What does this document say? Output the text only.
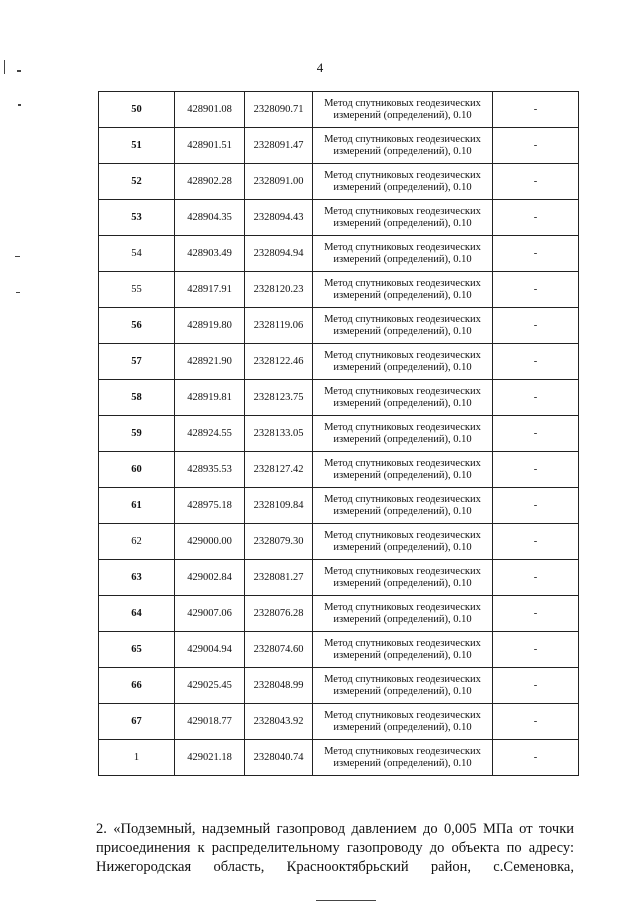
4
50	428901.08	2328090.71	Метод спутниковых геодезических
измерений (определений), 0.10	-
51	428901.51	2328091.47	Метод спутниковых геодезических
измерений (определений), 0.10	-
52	428902.28	2328091.00	Метод спутниковых геодезических
измерений (определений), 0.10	-
53	428904.35	2328094.43	Метод спутниковых геодезических
измерений (определений), 0.10	-
54	428903.49	2328094.94	Метод спутниковых геодезических
измерений (определений), 0.10	-
55	428917.91	2328120.23	Метод спутниковых геодезических
измерений (определений), 0.10	-
56	428919.80	2328119.06	Метод спутниковых геодезических
измерений (определений), 0.10	-
57	428921.90	2328122.46	Метод спутниковых геодезических
измерений (определений), 0.10	-
58	428919.81	2328123.75	Метод спутниковых геодезических
измерений (определений), 0.10	-
59	428924.55	2328133.05	Метод спутниковых геодезических
измерений (определений), 0.10	-
60	428935.53	2328127.42	Метод спутниковых геодезических
измерений (определений), 0.10	-
61	428975.18	2328109.84	Метод спутниковых геодезических
измерений (определений), 0.10	-
62	429000.00	2328079.30	Метод спутниковых геодезических
измерений (определений), 0.10	-
63	429002.84	2328081.27	Метод спутниковых геодезических
измерений (определений), 0.10	-
64	429007.06	2328076.28	Метод спутниковых геодезических
измерений (определений), 0.10	-
65	429004.94	2328074.60	Метод спутниковых геодезических
измерений (определений), 0.10	-
66	429025.45	2328048.99	Метод спутниковых геодезических
измерений (определений), 0.10	-
67	429018.77	2328043.92	Метод спутниковых геодезических
измерений (определений), 0.10	-
1	429021.18	2328040.74	Метод спутниковых геодезических
измерений (определений), 0.10	-
2. «Подземный, надземный газопровод давлением до 0,005 МПа от точки
присоединения к распределительному газопроводу до объекта по адресу:
Нижегородская область, Краснооктябрьский район, с.Семеновка,
